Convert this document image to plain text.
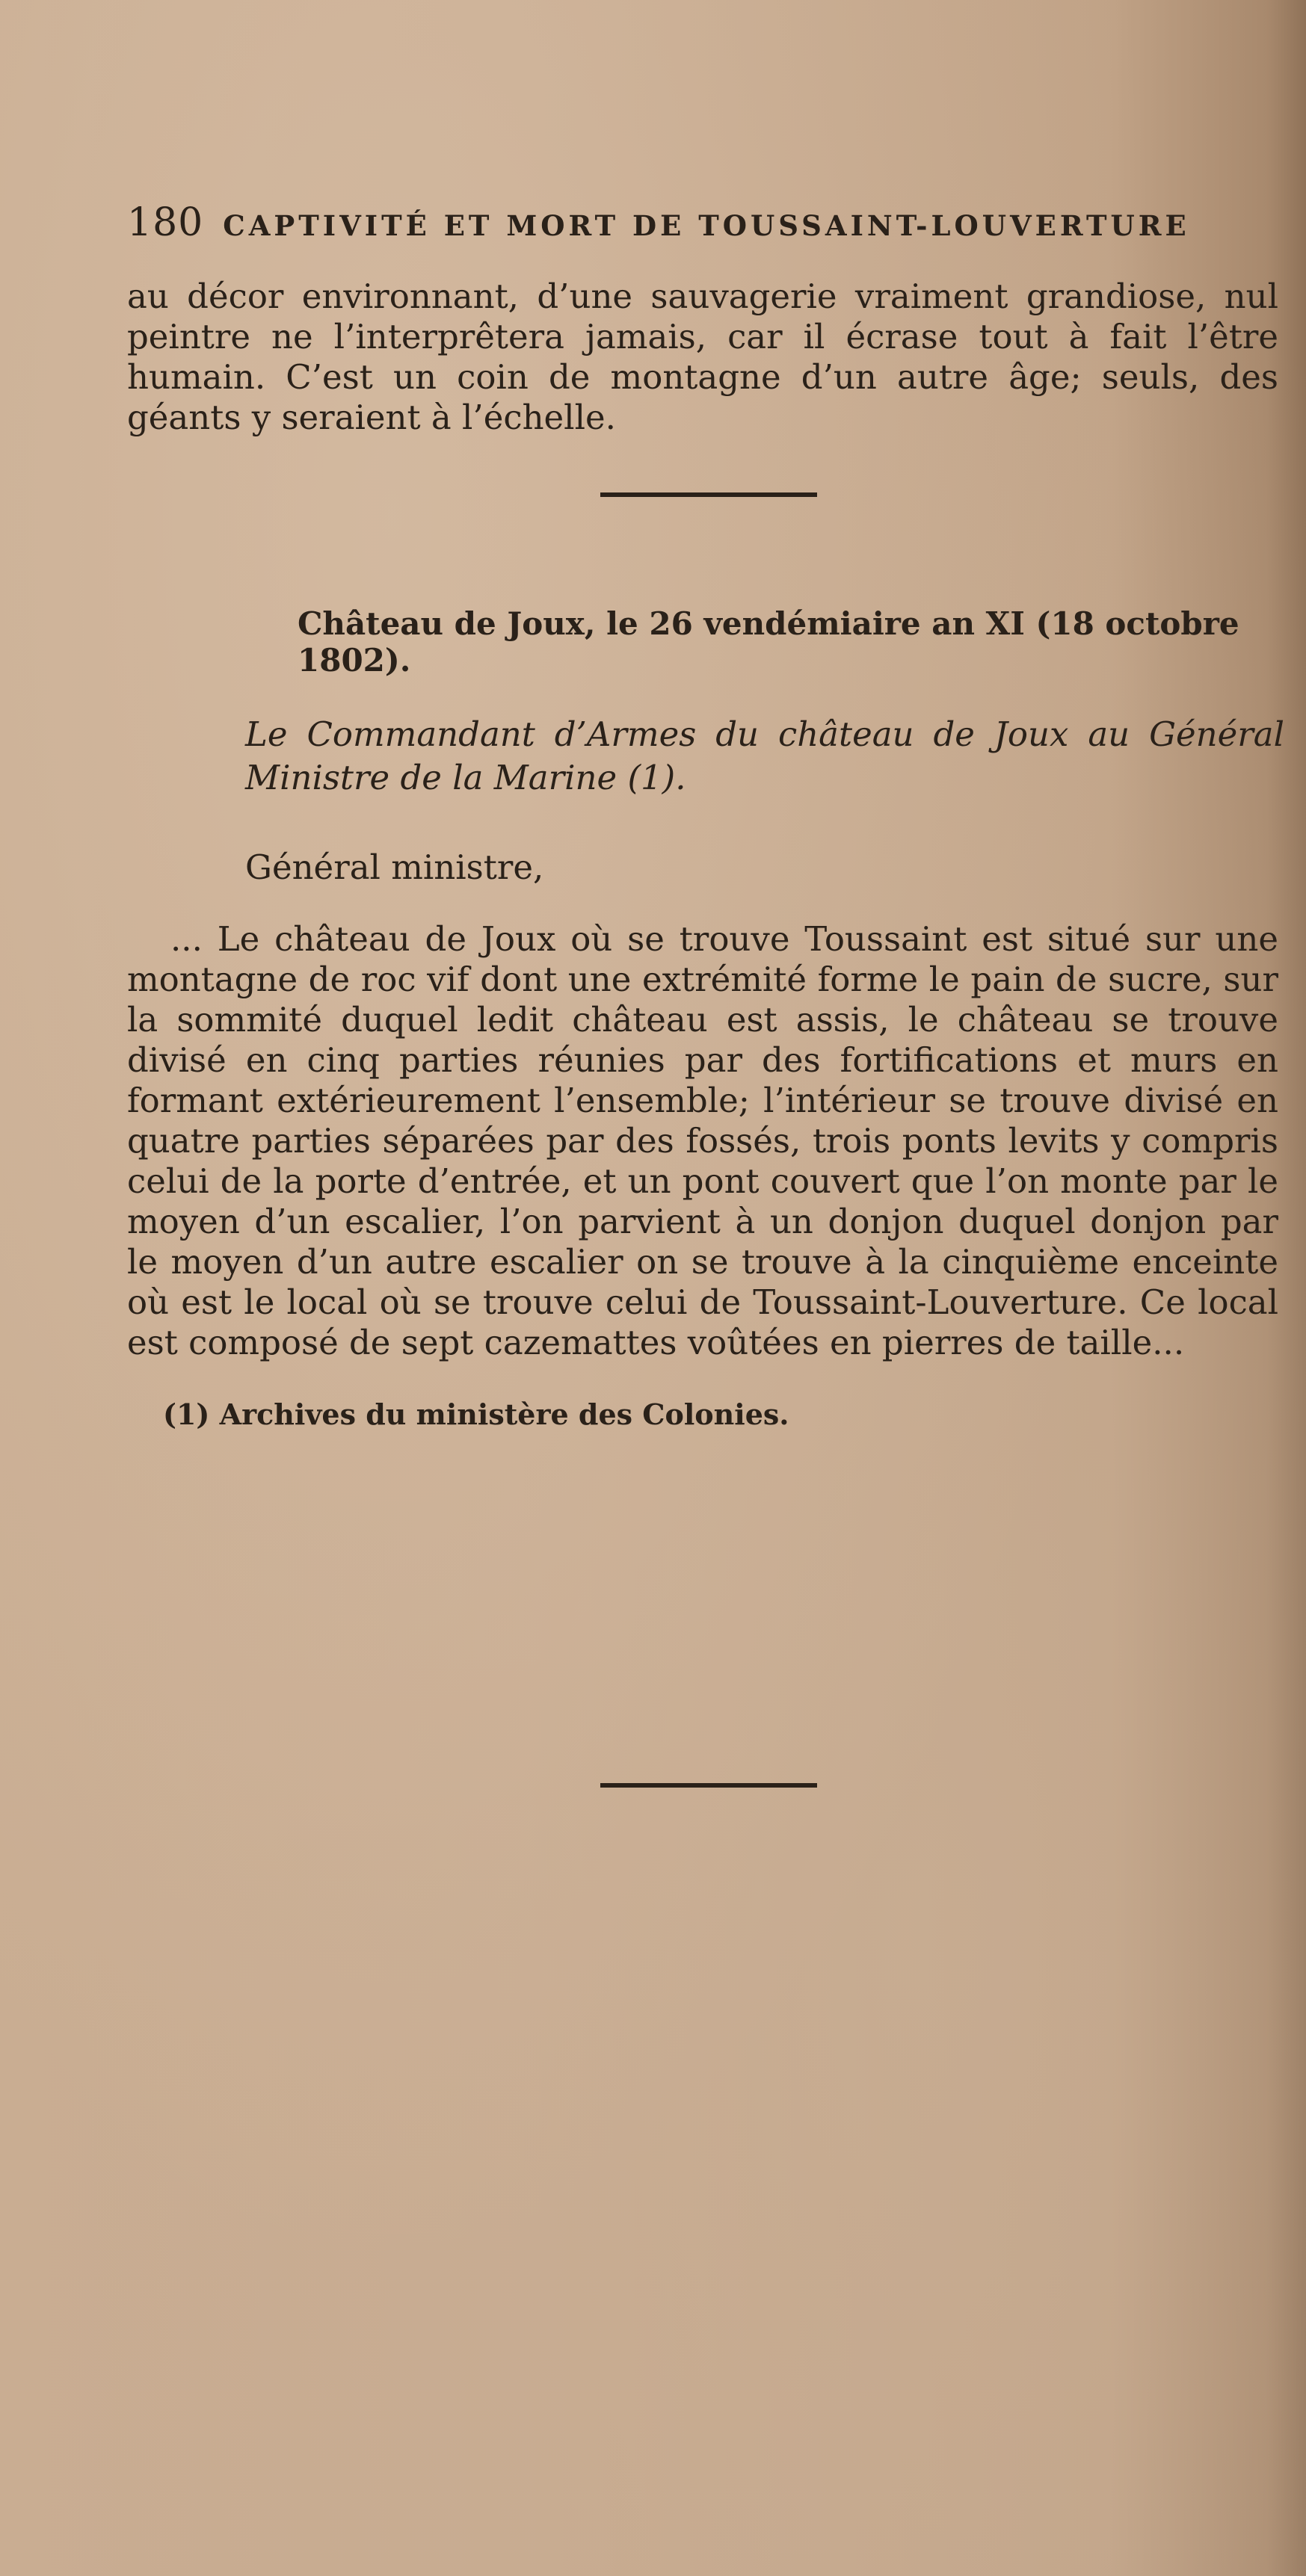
180 CAPTIVITÉ ET MORT DE TOUSSAINT-LOUVERTURE

au décor environnant, d’une sauvagerie vraiment grandiose, nul peintre ne l’interprêtera jamais, car il écrase tout à fait l’être humain. C’est un coin de montagne d’un autre âge; seuls, des géants y seraient à l’échelle.

Château de Joux, le 26 vendémiaire an XI (18 octobre 1802).
Le Commandant d’Armes du château de Joux au Général Ministre de la Marine (1).
Général ministre,

... Le château de Joux où se trouve Toussaint est situé sur une montagne de roc vif dont une extrémité forme le pain de sucre, sur la sommité duquel ledit château est assis, le château se trouve divisé en cinq parties réunies par des fortifications et murs en formant extérieurement l’ensemble; l’intérieur se trouve divisé en quatre parties séparées par des fossés, trois ponts levits y compris celui de la porte d’entrée, et un pont couvert que l’on monte par le moyen d’un escalier, l’on parvient à un donjon duquel donjon par le moyen d’un autre escalier on se trouve à la cinquième enceinte où est le local où se trouve celui de Toussaint-Louverture. Ce local est composé de sept cazemattes voûtées en pierres de taille...

(1) Archives du ministère des Colonies.
